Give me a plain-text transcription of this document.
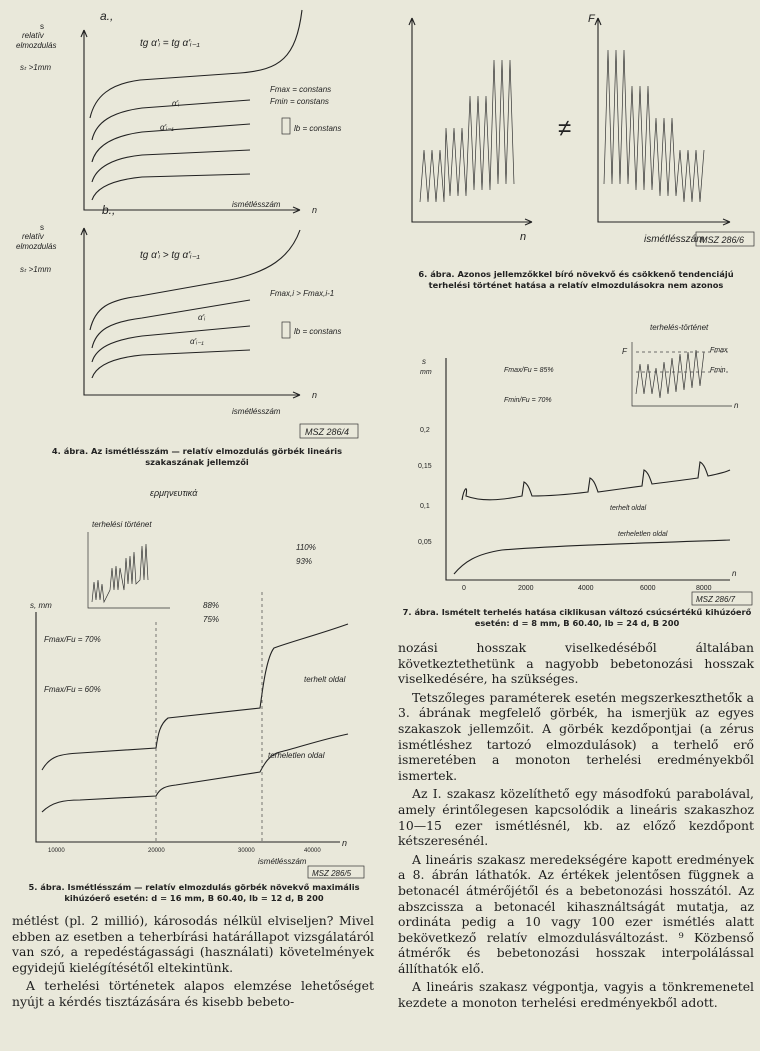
a.,
s
relatív
elmozdulás
sₜ >1mm
tg α'ᵢ = tg α'ᵢ₋₁
Fmax = constans
Fmin = constans
α'ᵢ
α'ᵢ₋₁	lb = constans
ismétlésszám
n
b.,
s
relatív
elmozdulás
sₜ >1mm
tg α'ᵢ > tg α'ᵢ₋₁
Fmax,i > Fmax,i-1
α'ᵢ
α'ᵢ₋₁
lb = constans
ismétlésszám
n
MSZ 286/4
4. ábra. Az ismétlésszám — relatív elmozdulás görbék lineáris szakaszának jellemzői
ερμηνευτικά
terhelési történet
110%
93%
88%
75%
s, mm
Fmax/Fu = 70%
Fmax/Fu = 60%
terhelt oldal
terheletlen oldal
10000	20000	30000	40000
ismétlésszám
n
MSZ 286/5
5. ábra. Ismétlésszám — relatív elmozdulás görbék növekvő maximális kihúzóerő esetén: d = 16 mm, B 60.40, lb = 12 d, B 200

métlést (pl. 2 millió), károsodás nélkül elviseljen? Mivel ebben az esetben a teherbírási határállapot vizsgálatáról van szó, a repedéstágassági (használati) követelmények egyidejű kielégítésétől eltekintünk.

A terhelési történetek alapos elemzése lehetőséget nyújt a kérdés tisztázására és kisebb bebeto-

n
≠
F
ismétlésszám
MSZ 286/6
6. ábra. Azonos jellemzőkkel bíró növekvő és csökkenő tendenciájú terhelési történet hatása a relatív elmozdulásokra nem azonos
terhelés-történet
F	Fmax
Fmin
n
s
mm	Fmax/Fu = 85%
Fmin/Fu = 70%
0,2
0,15
0,1
0,05
terhelt oldal
terheletlen oldal
0	2000	4000	6000	8000
n
MSZ 286/7
7. ábra. Ismételt terhelés hatása ciklikusan változó csúcsértékű kihúzóerő esetén: d = 8 mm, B 60.40, lb = 24 d, B 200

nozási hosszak viselkedéséből általában következtethetünk a nagyobb bebetonozási hosszak viselkedésére, ha szükséges.

Tetszőleges paraméterek esetén megszerkeszthetők a 3. ábrának megfelelő görbék, ha ismerjük az egyes szakaszok jellemzőit. A görbék kezdőpontjai (a zérus ismétléshez tartozó elmozdulások) a terhelő erő ismeretében a monoton terhelési eredményekből ismertek.

Az I. szakasz közelíthető egy másodfokú parabolával, amely érintőlegesen kapcsolódik a lineáris szakaszhoz 10—15 ezer ismétlésnél, kb. az előző kezdőpont kétszeresénél.

A lineáris szakasz meredekségére kapott eredmények a 8. ábrán láthatók. Az értékek jelentősen függnek a betonacél átmérőjétől és a bebetonozási hosszától. Az abszcissza a betonacél kihasználtságát mutatja, az ordináta pedig a 10 vagy 100 ezer ismétlés alatt bekövetkező relatív elmozdulásváltozást. ⁹ Közbenső átmérők és bebetonozási hosszak interpolálással állíthatók elő.

A lineáris szakasz végpontja, vagyis a tönkremenetel kezdete a monoton terhelési eredményekből adott.
